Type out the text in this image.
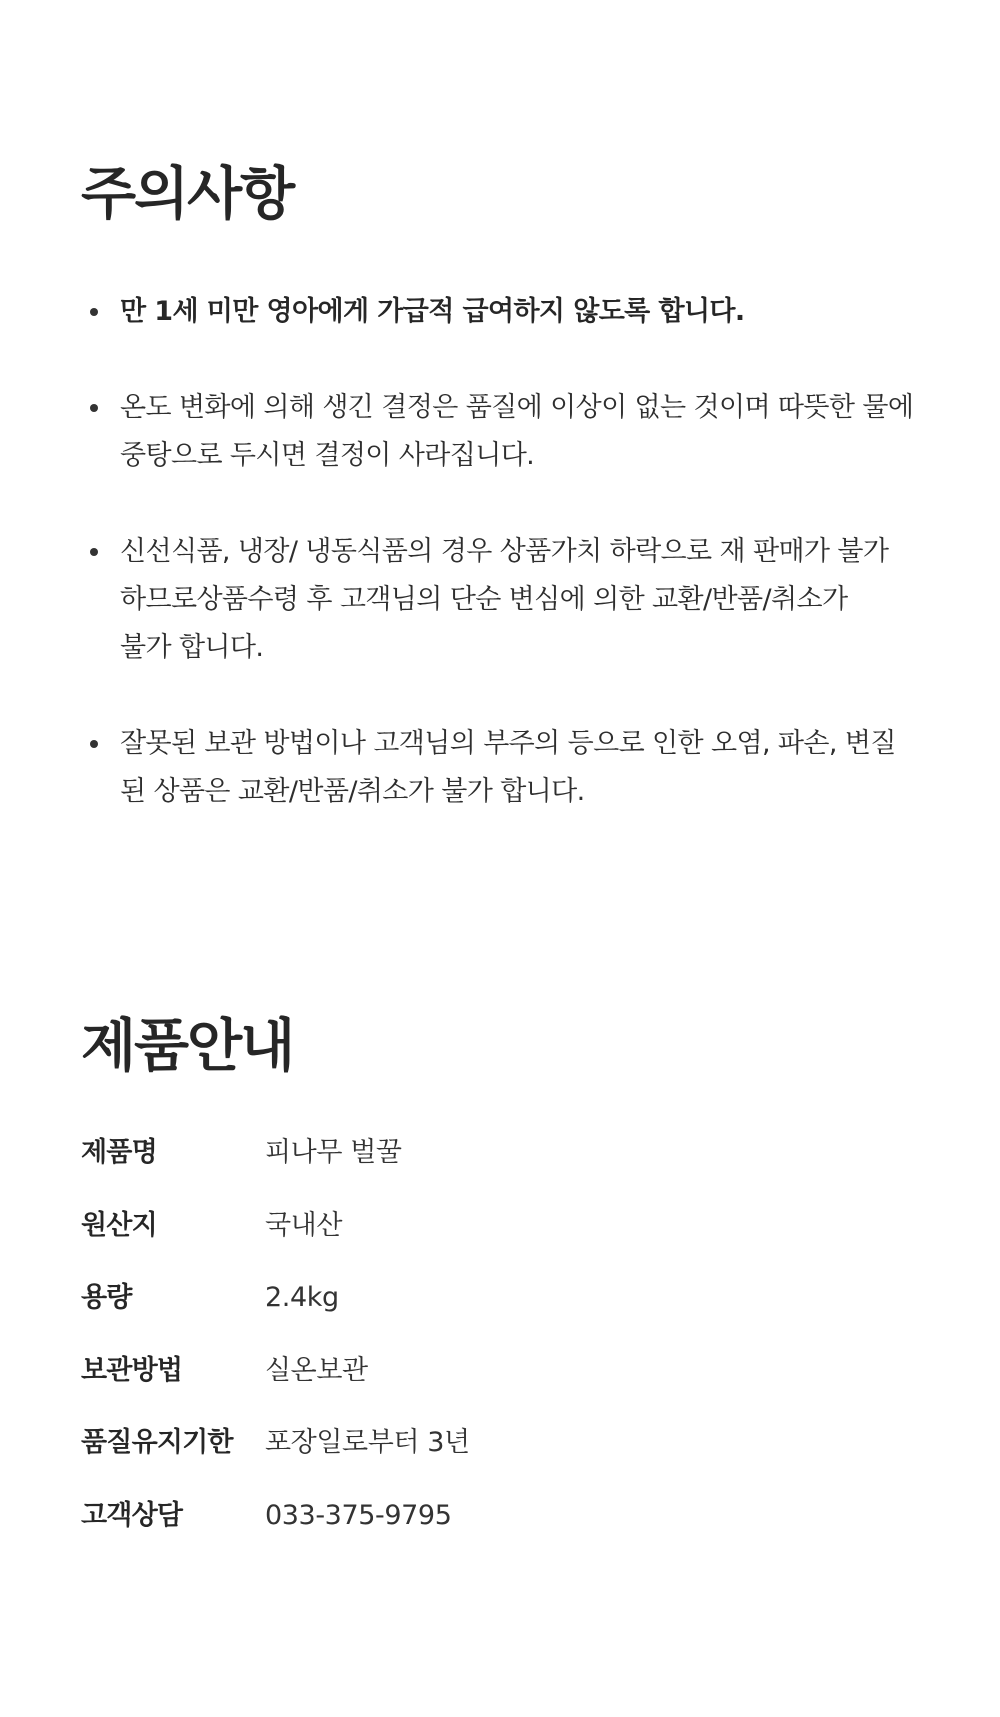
주의사항
만 1세 미만 영아에게 가급적 급여하지 않도록 합니다.
온도 변화에 의해 생긴 결정은 품질에 이상이 없는 것이며 따뜻한 물에
중탕으로 두시면 결정이 사라집니다.
신선식품, 냉장/ 냉동식품의 경우 상품가치 하락으로 재 판매가 불가
하므로상품수령 후 고객님의 단순 변심에 의한 교환/반품/취소가
불가 합니다.
잘못된 보관 방법이나 고객님의 부주의 등으로 인한 오염, 파손, 변질
된 상품은 교환/반품/취소가 불가 합니다.
제품안내
제품명	피나무 벌꿀
원산지	국내산
용량	2.4kg
보관방법	실온보관
품질유지기한	포장일로부터 3년
고객상담	033-375-9795
